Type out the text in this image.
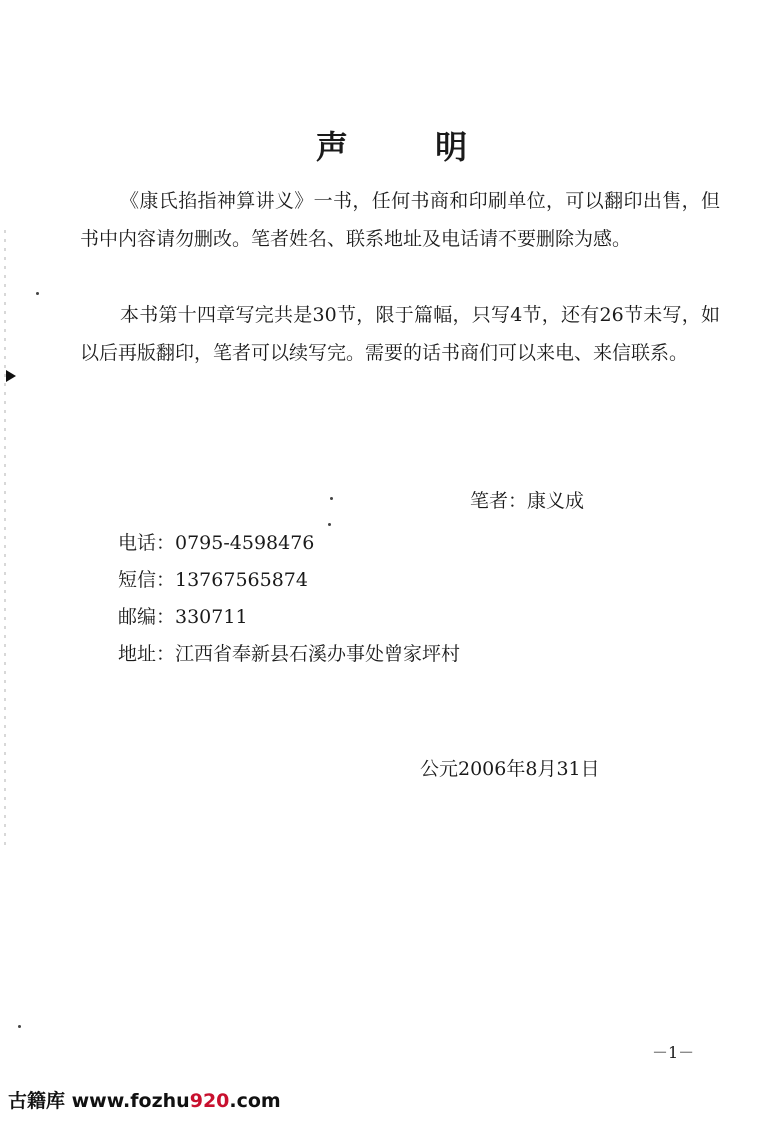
声 明

《康氏掐指神算讲义》一书，任何书商和印刷单位，可以翻印出售，但书中内容请勿删改。笔者姓名、联系地址及电话请不要删除为感。

本书第十四章写完共是30节，限于篇幅，只写4节，还有26节未写，如以后再版翻印，笔者可以续写完。需要的话书商们可以来电、来信联系。

笔者：康义成

电话：0795-4598476

短信：13767565874

邮编：330711

地址：江西省奉新县石溪办事处曾家坪村

公元2006年8月31日

－1－

古籍库 www.fozhu920.com
